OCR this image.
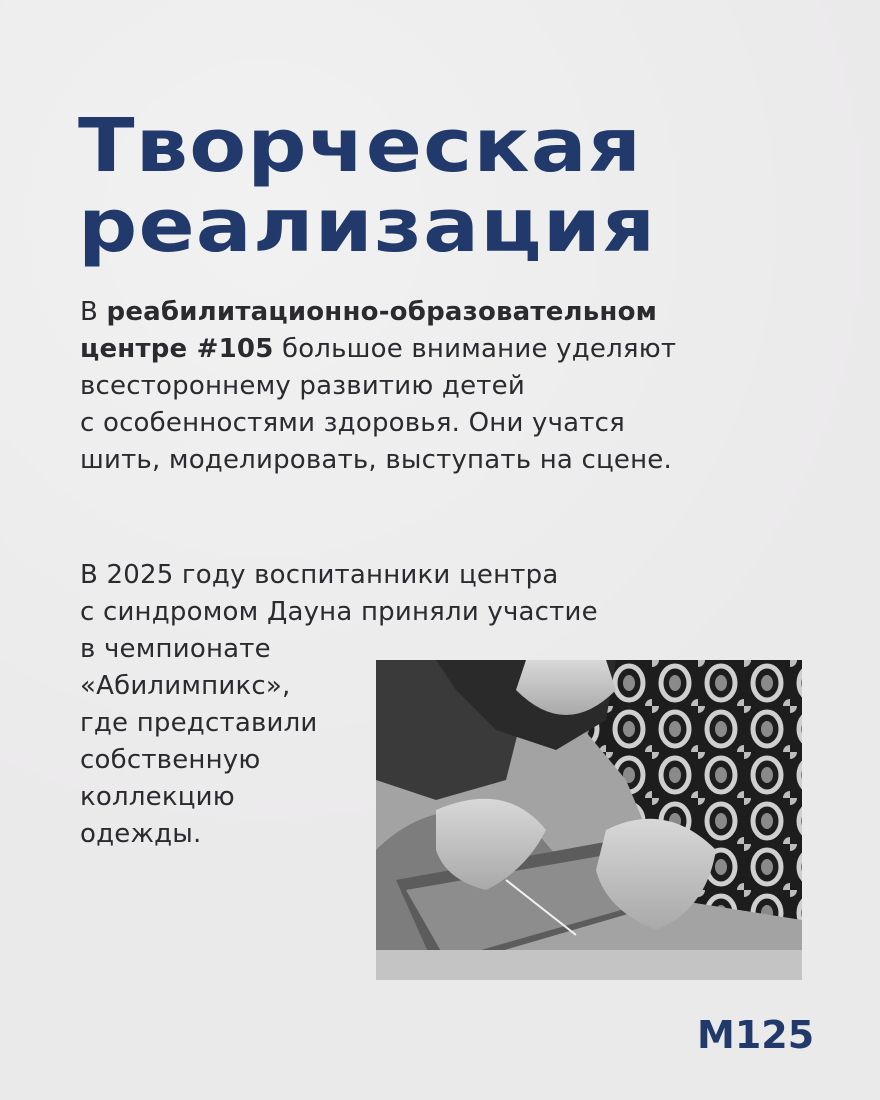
Творческая
реализация

В реабилитационно-образовательном
центре #105 большое внимание уделяют
всестороннему развитию детей
с особенностями здоровья. Они учатся
шить, моделировать, выступать на сцене.

В 2025 году воспитанники центра
с синдромом Дауна приняли участие
в чемпионате
«Абилимпикс»,
где представили
собственную
коллекцию
одежды.

M125
